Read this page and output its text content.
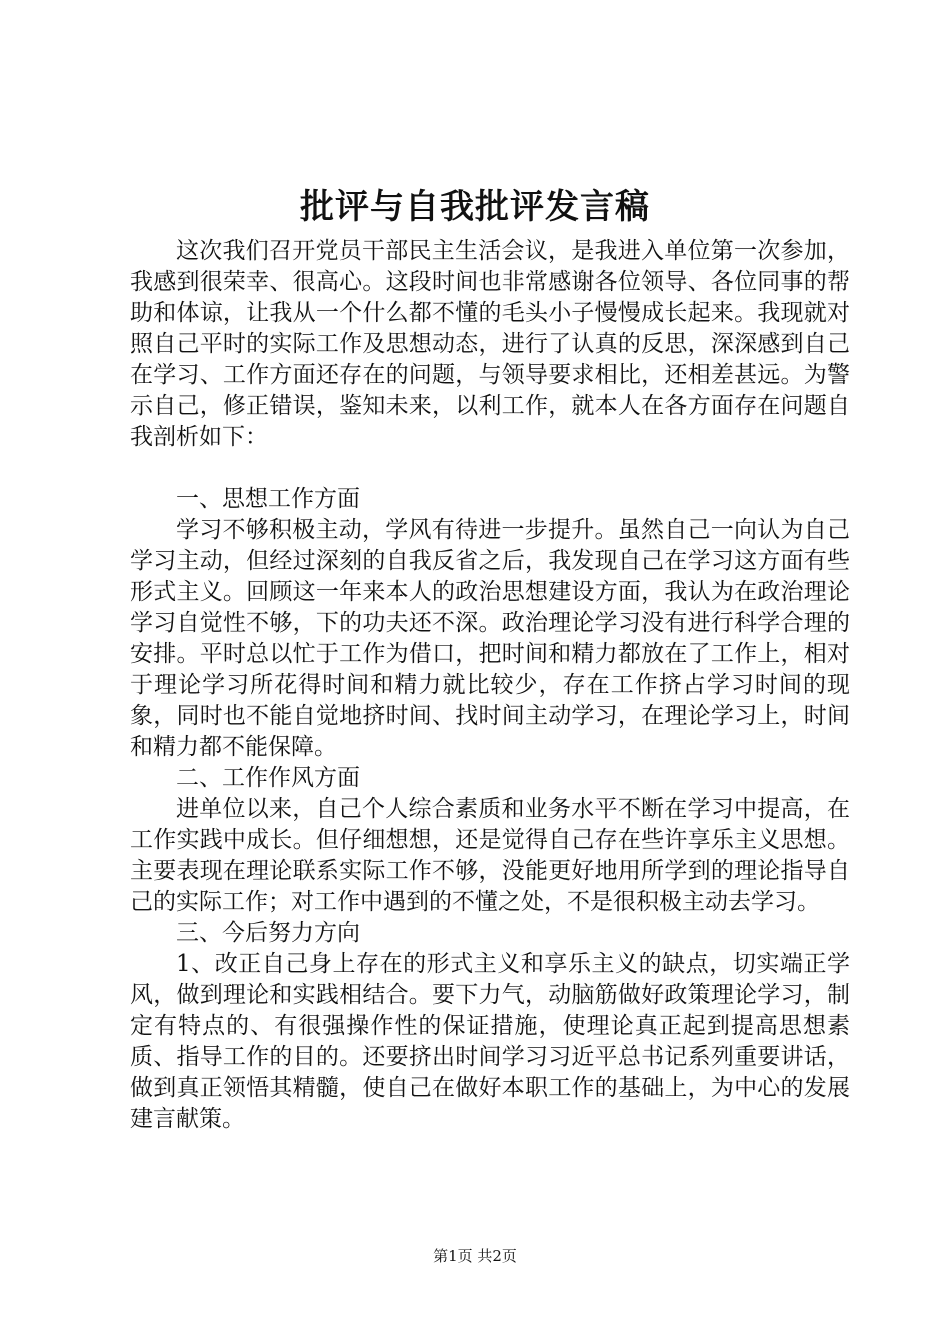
批评与自我批评发言稿

这次我们召开党员干部民主生活会议，是我进入单位第一次参加，我感到很荣幸、很高心。这段时间也非常感谢各位领导、各位同事的帮助和体谅，让我从一个什么都不懂的毛头小子慢慢成长起来。我现就对照自己平时的实际工作及思想动态，进行了认真的反思，深深感到自己在学习、工作方面还存在的问题，与领导要求相比，还相差甚远。为警示自己，修正错误，鉴知未来，以利工作，就本人在各方面存在问题自我剖析如下：

一、思想工作方面

学习不够积极主动，学风有待进一步提升。虽然自己一向认为自己学习主动，但经过深刻的自我反省之后，我发现自己在学习这方面有些形式主义。回顾这一年来本人的政治思想建设方面，我认为在政治理论学习自觉性不够，下的功夫还不深。政治理论学习没有进行科学合理的安排。平时总以忙于工作为借口，把时间和精力都放在了工作上，相对于理论学习所花得时间和精力就比较少，存在工作挤占学习时间的现象，同时也不能自觉地挤时间、找时间主动学习，在理论学习上，时间和精力都不能保障。

二、工作作风方面

进单位以来，自己个人综合素质和业务水平不断在学习中提高，在工作实践中成长。但仔细想想，还是觉得自己存在些许享乐主义思想。主要表现在理论联系实际工作不够，没能更好地用所学到的理论指导自己的实际工作；对工作中遇到的不懂之处，不是很积极主动去学习。

三、今后努力方向

1、改正自己身上存在的形式主义和享乐主义的缺点，切实端正学风，做到理论和实践相结合。要下力气，动脑筋做好政策理论学习，制定有特点的、有很强操作性的保证措施，使理论真正起到提高思想素质、指导工作的目的。还要挤出时间学习习近平总书记系列重要讲话，做到真正领悟其精髓，使自己在做好本职工作的基础上，为中心的发展建言献策。

第1页 共2页
